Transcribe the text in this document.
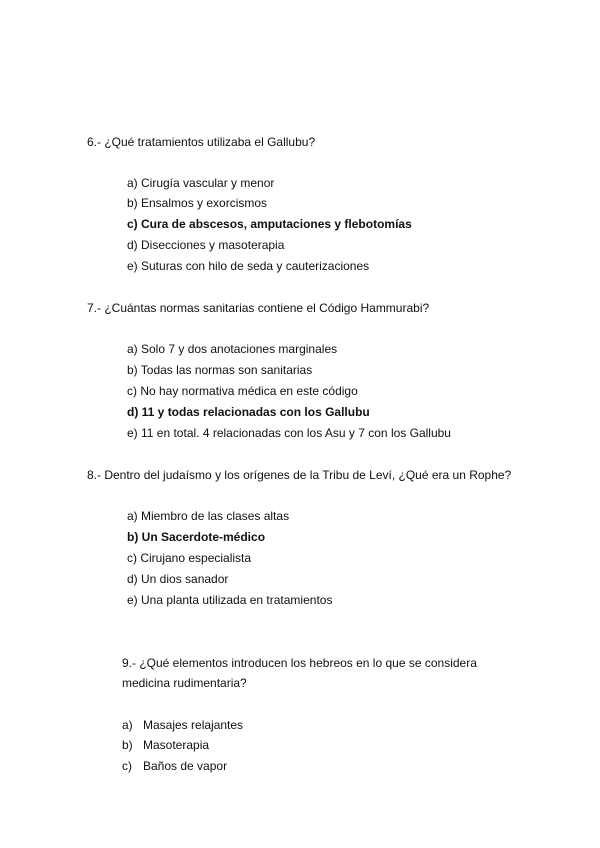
6.- ¿Qué tratamientos utilizaba el Gallubu?
a) Cirugía vascular y menor
b) Ensalmos y exorcismos
c) Cura de abscesos, amputaciones y flebotomías
d) Disecciones y masoterapia
e) Suturas con hilo de seda y cauterizaciones
7.- ¿Cuántas normas sanitarias contiene el Código Hammurabi?
a) Solo 7 y dos anotaciones marginales
b) Todas las normas son sanitarias
c) No hay normativa médica en este código
d) 11 y todas relacionadas con los Gallubu
e) 11 en total. 4 relacionadas con los Asu y 7 con los Gallubu
8.- Dentro del judaísmo y los orígenes de la Tribu de Leví, ¿Qué era un Rophe?
a) Miembro de las clases altas
b) Un Sacerdote-médico
c) Cirujano especialista
d) Un dios sanador
e) Una planta utilizada en tratamientos
9.- ¿Qué elementos introducen los hebreos en lo que se considera
medicina rudimentaria?
a) Masajes relajantes
b) Masoterapia
c) Baños de vapor
